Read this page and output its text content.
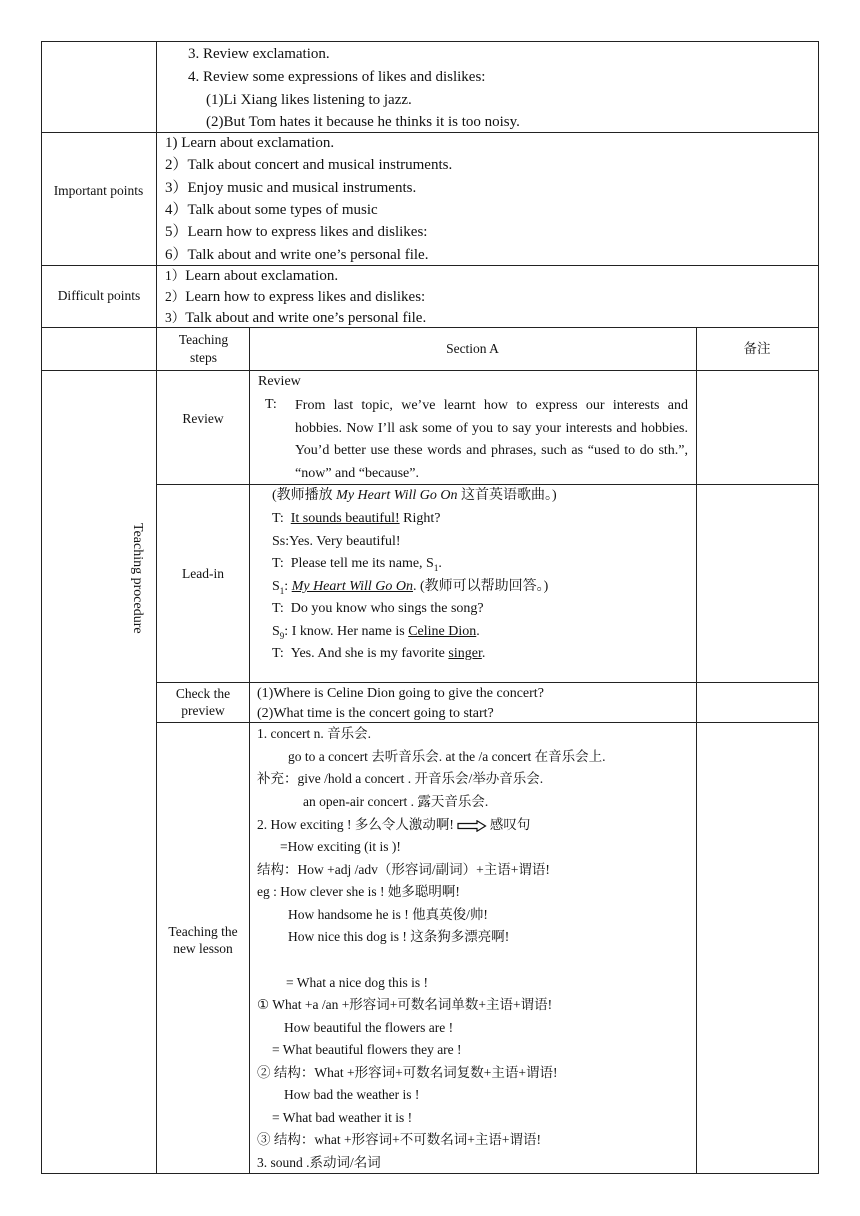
3. Review exclamation.
4. Review some expressions of likes and dislikes:
(1)Li Xiang likes listening to jazz.
(2)But Tom hates it because he thinks it is too noisy.
Important points
1) Learn about exclamation.
2）Talk about concert and musical instruments.
3）Enjoy music and musical instruments.
4）Talk about some types of music
5）Learn how to express likes and dislikes:
6）Talk about and write one’s personal file.
Difficult points
1）Learn about exclamation.
2）Learn how to express likes and dislikes:
3）Talk about and write one’s personal file.
Teaching steps
Section A	备注
Teaching procedure
Review
Review
T: From last topic, we’ve learnt how to express our interests and hobbies. Now I’ll ask some of you to say your interests and hobbies. You’d better use these words and phrases, such as “used to do sth.”, “now” and “because”.
Lead-in
(教师播放 My Heart Will Go On 这首英语歌曲。)
T: It sounds beautiful! Right?
Ss:Yes. Very beautiful!
T: Please tell me its name, $S_1$.
$S_1$: My Heart Will Go On. (教师可以帮助回答。)
T: Do you know who sings the song?
$S_9$: I know. Her name is Celine Dion.
T: Yes. And she is my favorite singer.
Check the preview
(1)Where is Celine Dion going to give the concert?
(2)What time is the concert going to start?
Teaching the new lesson
1. concert n. 音乐会.
go to a concert 去听音乐会. at the /a concert 在音乐会上.
补充：give /hold a concert . 开音乐会/举办音乐会.
an open-air concert . 露天音乐会.
2. How exciting ! 多么令人激动啊!	感叹句
=How exciting (it is )!
结构：How +adj /adv（形容词/副词）+主语+谓语!
eg : How clever she is ! 她多聪明啊!
How handsome he is ! 他真英俊/帅!
How nice this dog is ! 这条狗多漂亮啊!
= What a nice dog this is !
① What +a /an +形容词+可数名词单数+主语+谓语!
How beautiful the flowers are !
= What beautiful flowers they are !
② 结构：What +形容词+可数名词复数+主语+谓语!
How bad the weather is !
= What bad weather it is !
③ 结构：what +形容词+不可数名词+主语+谓语!
3. sound .系动词/名词
